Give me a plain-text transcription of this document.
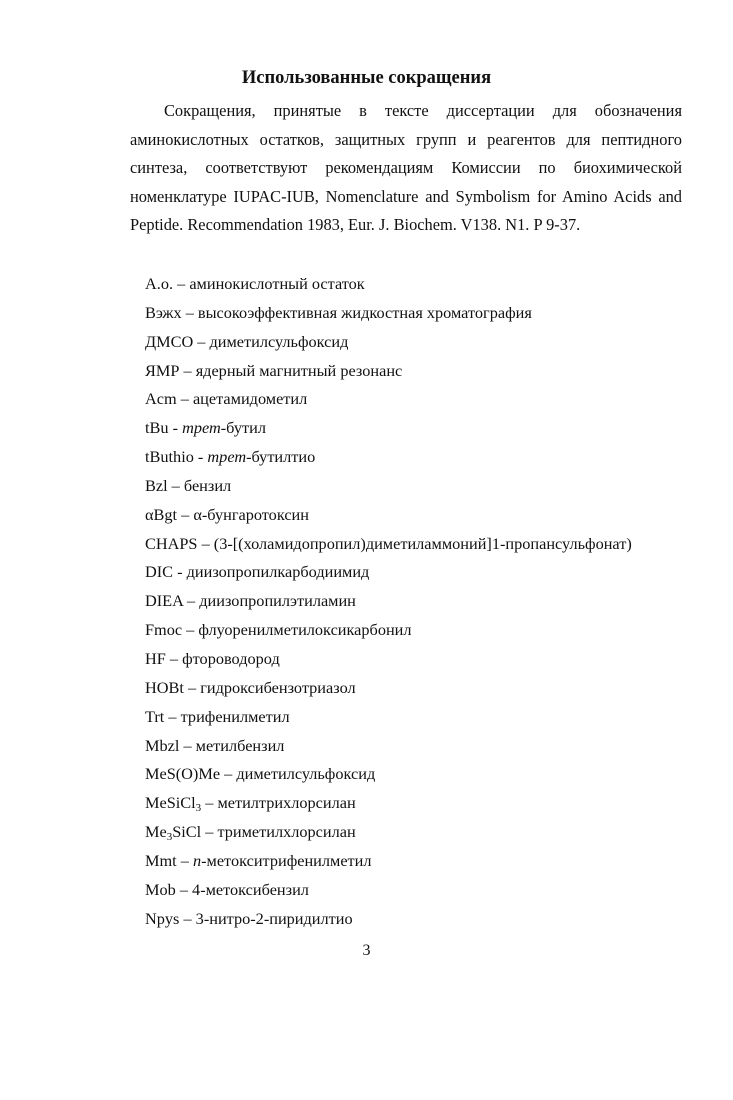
Использованные сокращения

Сокращения, принятые в тексте диссертации для обозначения аминокислотных остатков, защитных групп и реагентов для пептидного синтеза, соответствуют рекомендациям Комиссии по биохимической номенклатуре IUPAC-IUB, Nomenclature and Symbolism for Amino Acids and Peptide. Recommendation 1983, Eur. J. Biochem. V138. N1. P 9-37.

А.о. – аминокислотный остаток
Вэжх – высокоэффективная жидкостная хроматография
ДМСО – диметилсульфоксид
ЯМР – ядерный магнитный резонанс
Acm – ацетамидометил
tBu - трет-бутил
tButhio - трет-бутилтио
Bzl – бензил
αBgt – α-бунгаротоксин
CHAPS – (3-[(холамидопропил)диметиламмоний]1-пропансульфонат)
DIC - диизопропилкарбодиимид
DIEA – диизопропилэтиламин
Fmoc – флуоренилметилоксикарбонил
HF – фтороводород
HOBt – гидроксибензотриазол
Trt – трифенилметил
Mbzl – метилбензил
MeS(O)Me – диметилсульфоксид
MeSiCl$_3$ – метилтрихлорсилан
$Me_3SiCl$ – триметилхлорсилан
Mmt – п-метокситрифенилметил
Mob – 4-метоксибензил
Npys – 3-нитро-2-пиридилтио
3
